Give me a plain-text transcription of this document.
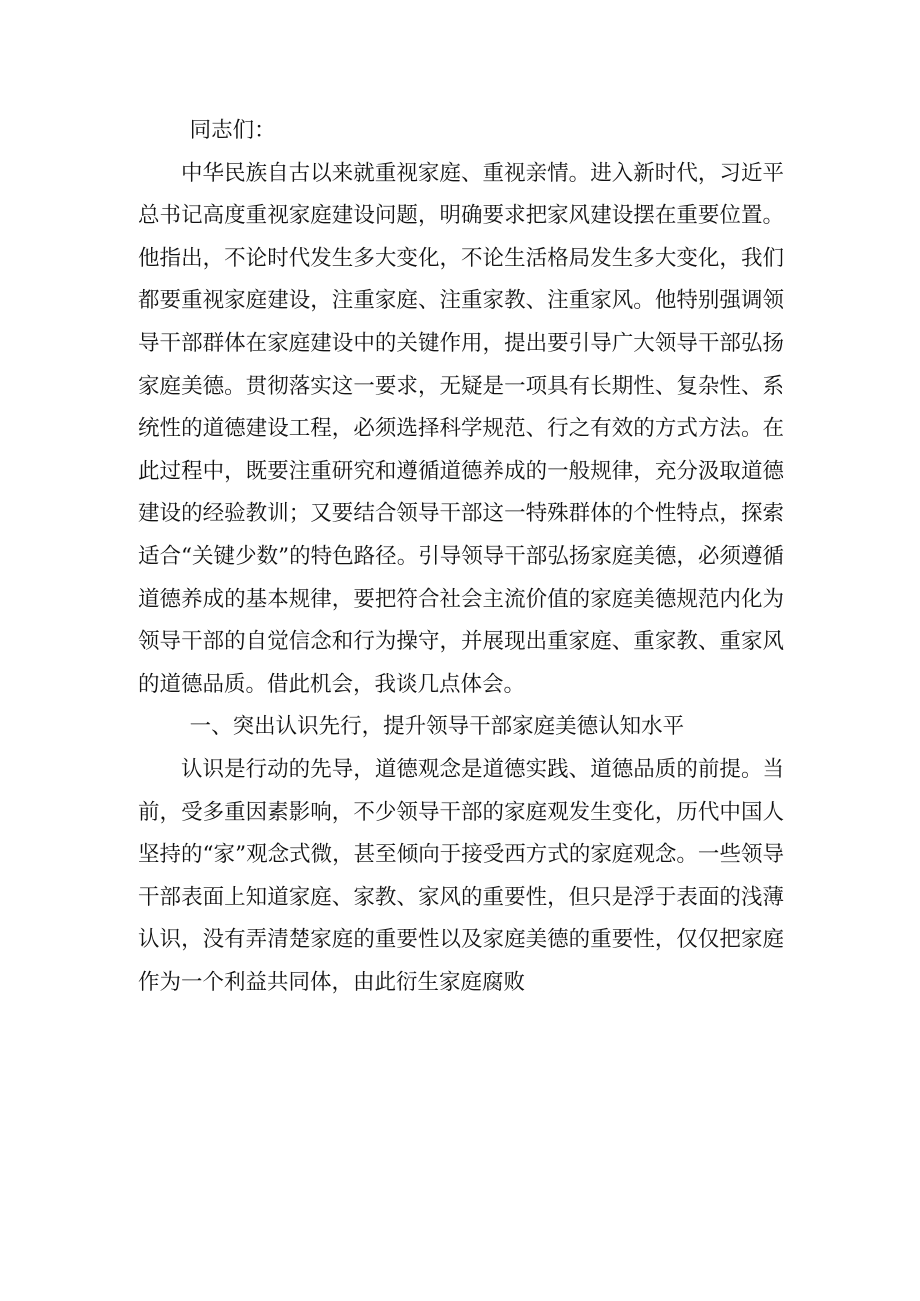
同志们：

中华民族自古以来就重视家庭、重视亲情。进入新时代，习近平总书记高度重视家庭建设问题，明确要求把家风建设摆在重要位置。他指出，不论时代发生多大变化，不论生活格局发生多大变化，我们都要重视家庭建设，注重家庭、注重家教、注重家风。他特别强调领导干部群体在家庭建设中的关键作用，提出要引导广大领导干部弘扬家庭美德。贯彻落实这一要求，无疑是一项具有长期性、复杂性、系统性的道德建设工程，必须选择科学规范、行之有效的方式方法。在此过程中，既要注重研究和遵循道德养成的一般规律，充分汲取道德建设的经验教训；又要结合领导干部这一特殊群体的个性特点，探索适合“关键少数”的特色路径。引导领导干部弘扬家庭美德，必须遵循道德养成的基本规律，要把符合社会主流价值的家庭美德规范内化为领导干部的自觉信念和行为操守，并展现出重家庭、重家教、重家风的道德品质。借此机会，我谈几点体会。

一、突出认识先行，提升领导干部家庭美德认知水平

认识是行动的先导，道德观念是道德实践、道德品质的前提。当前，受多重因素影响，不少领导干部的家庭观发生变化，历代中国人坚持的“家”观念式微，甚至倾向于接受西方式的家庭观念。一些领导干部表面上知道家庭、家教、家风的重要性，但只是浮于表面的浅薄认识，没有弄清楚家庭的重要性以及家庭美德的重要性，仅仅把家庭作为一个利益共同体，由此衍生家庭腐败
